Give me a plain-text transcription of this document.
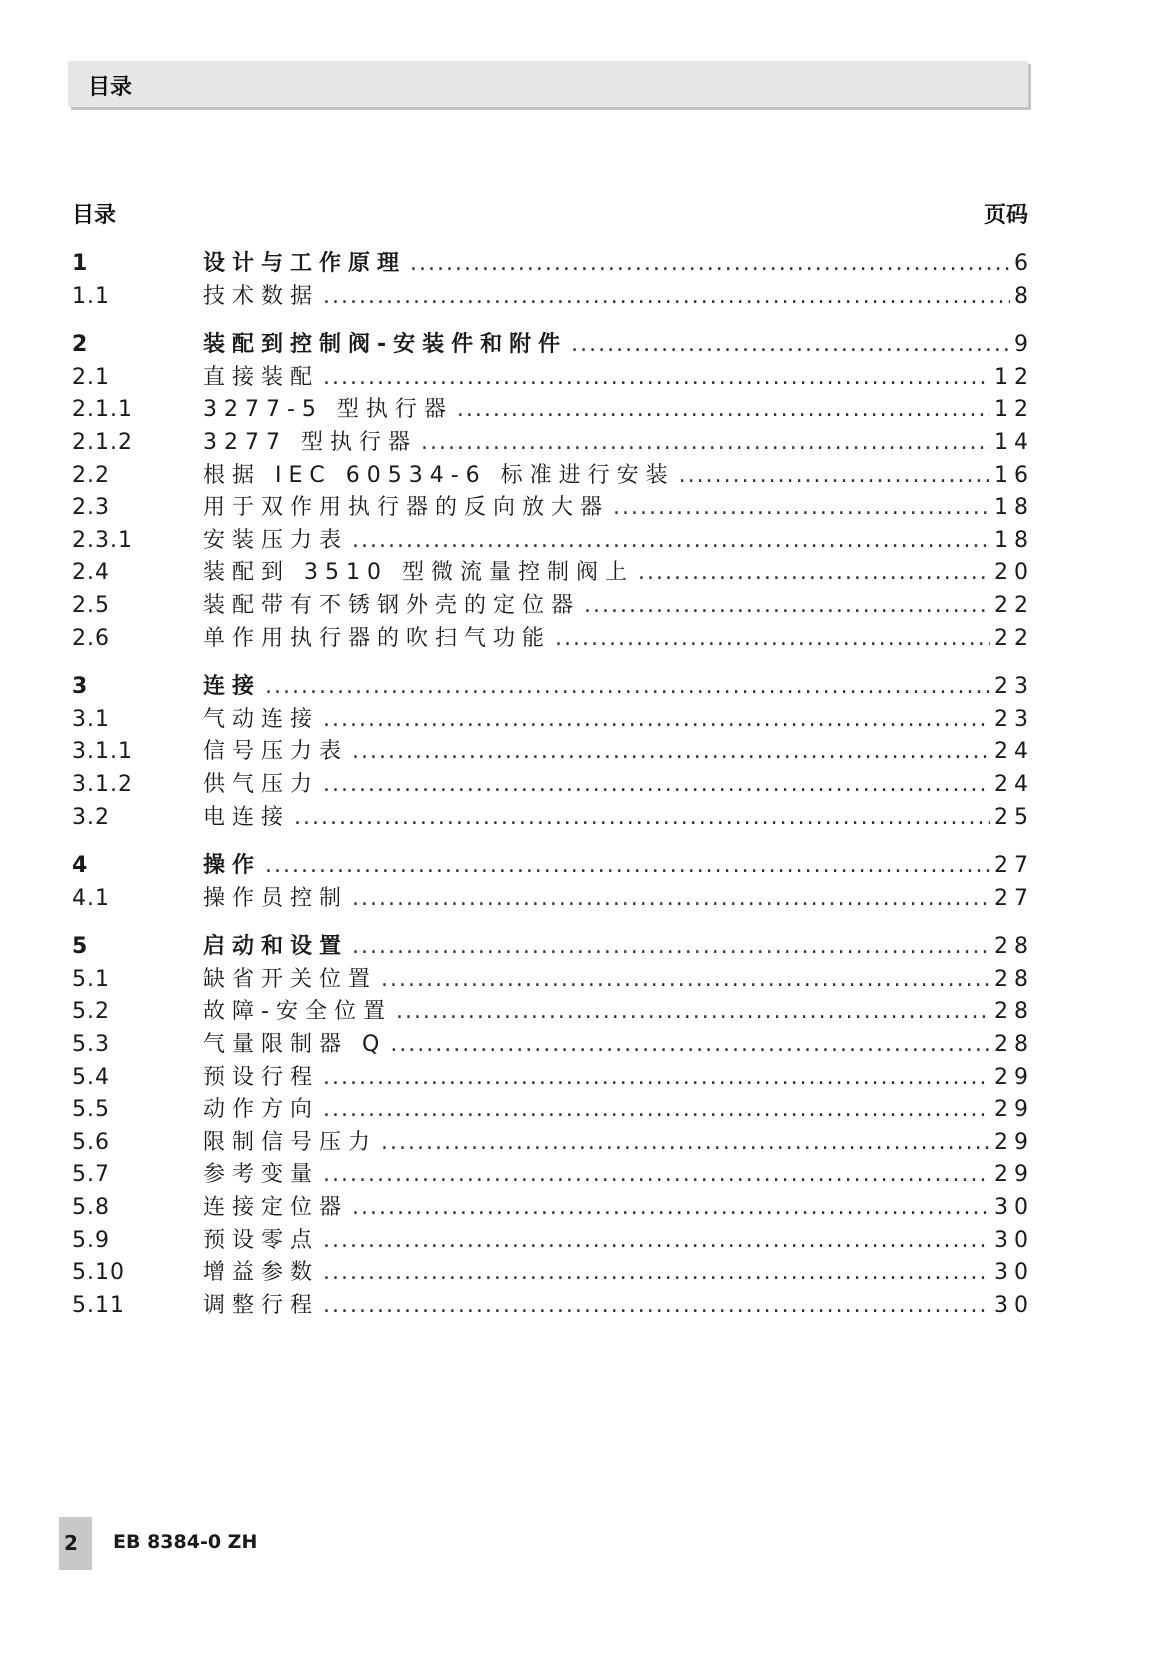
目录
目录	页码
1	设计与工作原理 .....	6
1.1	技术数据 .....	8
2	装配到控制阀-安装件和附件 .....	9
2.1	直接装配 .....	12
2.1.1	3277-5 型执行器 .....	12
2.1.2	3277 型执行器 .....	14
2.2	根据 IEC 60534-6 标准进行安装 .....	16
2.3	用于双作用执行器的反向放大器 .....	18
2.3.1	安装压力表 .....	18
2.4	装配到 3510 型微流量控制阀上 .....	20
2.5	装配带有不锈钢外壳的定位器 .....	22
2.6	单作用执行器的吹扫气功能 .....	22
3	连接 .....	23
3.1	气动连接 .....	23
3.1.1	信号压力表 .....	24
3.1.2	供气压力 .....	24
3.2	电连接 .....	25
4	操作 .....	27
4.1	操作员控制 .....	27
5	启动和设置 .....	28
5.1	缺省开关位置 .....	28
5.2	故障-安全位置 .....	28
5.3	气量限制器 Q .....	28
5.4	预设行程 .....	29
5.5	动作方向 .....	29
5.6	限制信号压力 .....	29
5.7	参考变量 .....	29
5.8	连接定位器 .....	30
5.9	预设零点 .....	30
5.10	增益参数 .....	30
5.11	调整行程 .....	30
2 EB 8384-0 ZH
